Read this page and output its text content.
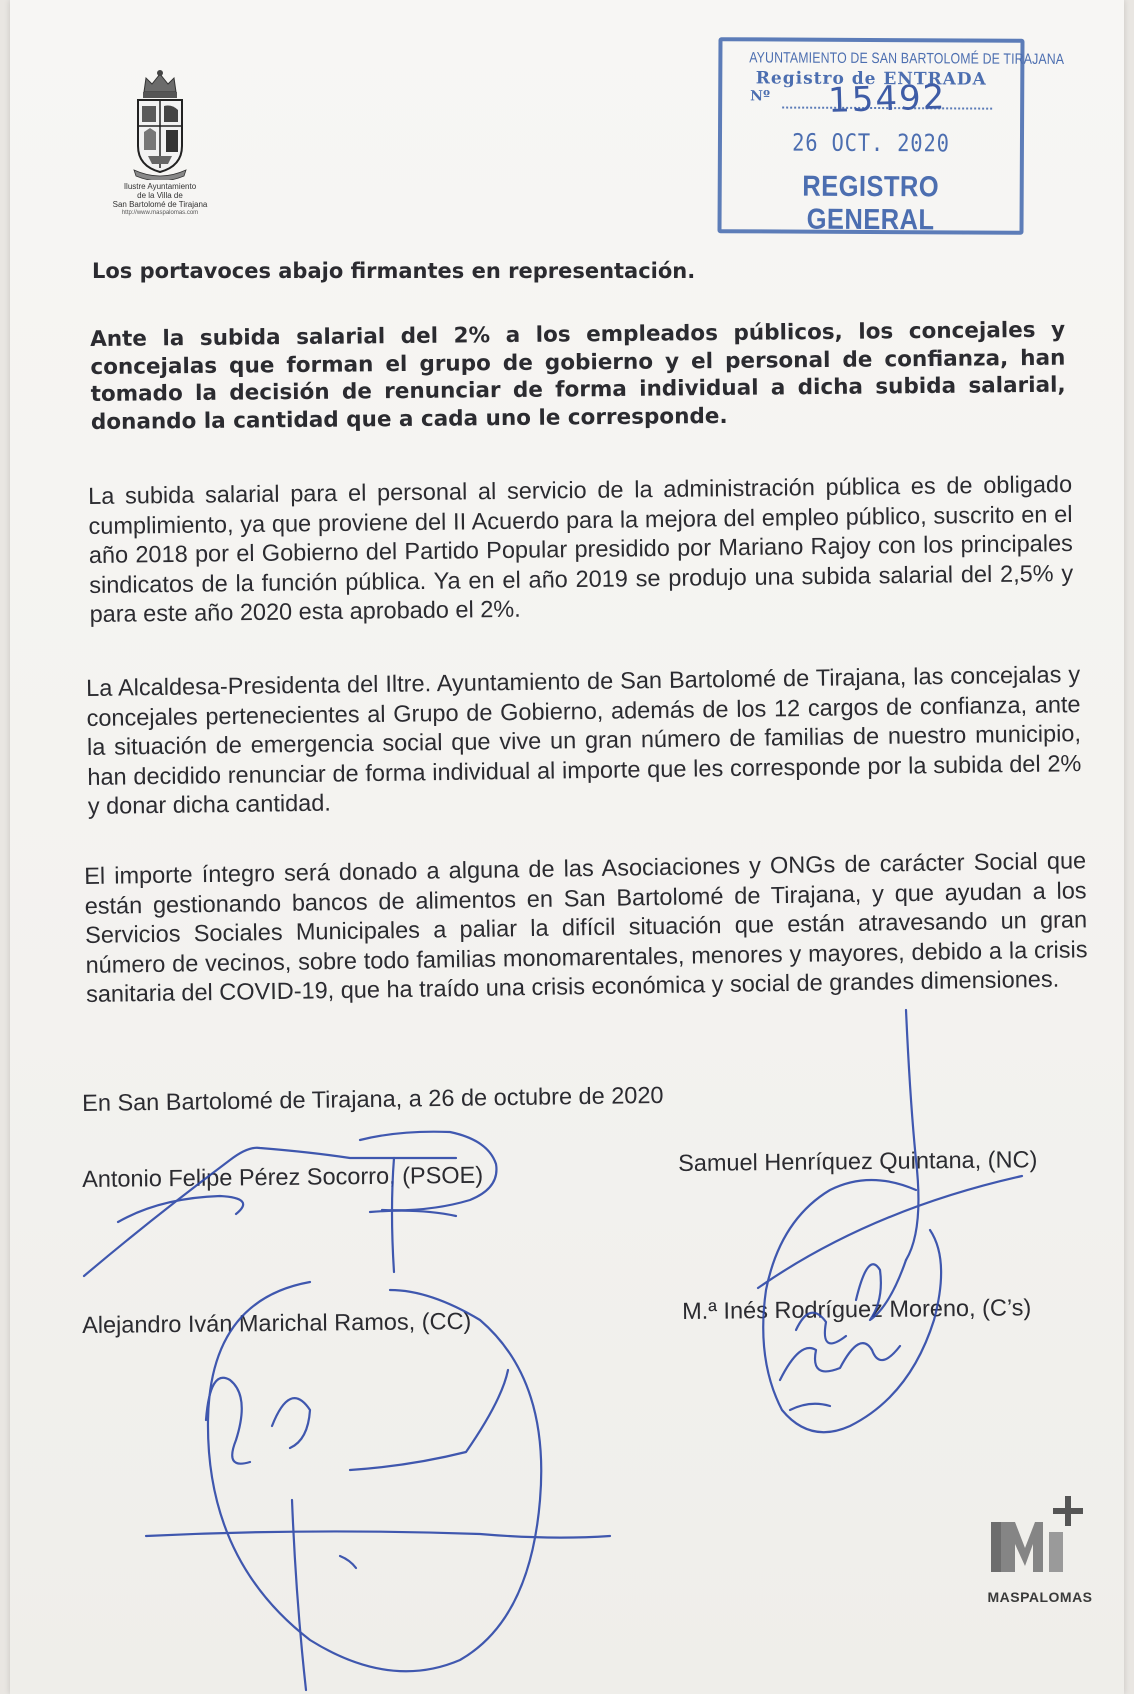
Ilustre Ayuntamiento
de la Villa de
San Bartolomé de Tirajana
http://www.maspalomas.com
AYUNTAMIENTO DE SAN BARTOLOMÉ DE TIRAJANA
Registro de ENTRADA
Nº 15492
26 OCT. 2020
REGISTRO GENERAL
Los portavoces abajo firmantes en representación.
Ante la subida salarial del 2% a los empleados públicos, los concejales y concejalas que forman el grupo de gobierno y el personal de confianza, han tomado la decisión de renunciar de forma individual a dicha subida salarial, donando la cantidad que a cada uno le corresponde.
La subida salarial para el personal al servicio de la administración pública es de obligado cumplimiento, ya que proviene del II Acuerdo para la mejora del empleo público, suscrito en el año 2018 por el Gobierno del Partido Popular presidido por Mariano Rajoy con los principales sindicatos de la función pública. Ya en el año 2019 se produjo una subida salarial del 2,5% y para este año 2020 esta aprobado el 2%.
La Alcaldesa-Presidenta del Iltre. Ayuntamiento de San Bartolomé de Tirajana, las concejalas y concejales pertenecientes al Grupo de Gobierno, además de los 12 cargos de confianza, ante la situación de emergencia social que vive un gran número de familias de nuestro municipio, han decidido renunciar de forma individual al importe que les corresponde por la subida del 2% y donar dicha cantidad.
El importe íntegro será donado a alguna de las Asociaciones y ONGs de carácter Social que están gestionando bancos de alimentos en San Bartolomé de Tirajana, y que ayudan a los Servicios Sociales Municipales a paliar la difícil situación que están atravesando un gran número de vecinos, sobre todo familias monomarentales, menores y mayores, debido a la crisis sanitaria del COVID-19, que ha traído una crisis económica y social de grandes dimensiones.
En San Bartolomé de Tirajana, a 26 de octubre de 2020
Antonio Felipe Pérez Socorro, (PSOE)
Samuel Henríquez Quintana, (NC)
Alejandro Iván Marichal Ramos, (CC)	M.ª Inés Rodríguez Moreno, (C’s)
MASPALOMAS
